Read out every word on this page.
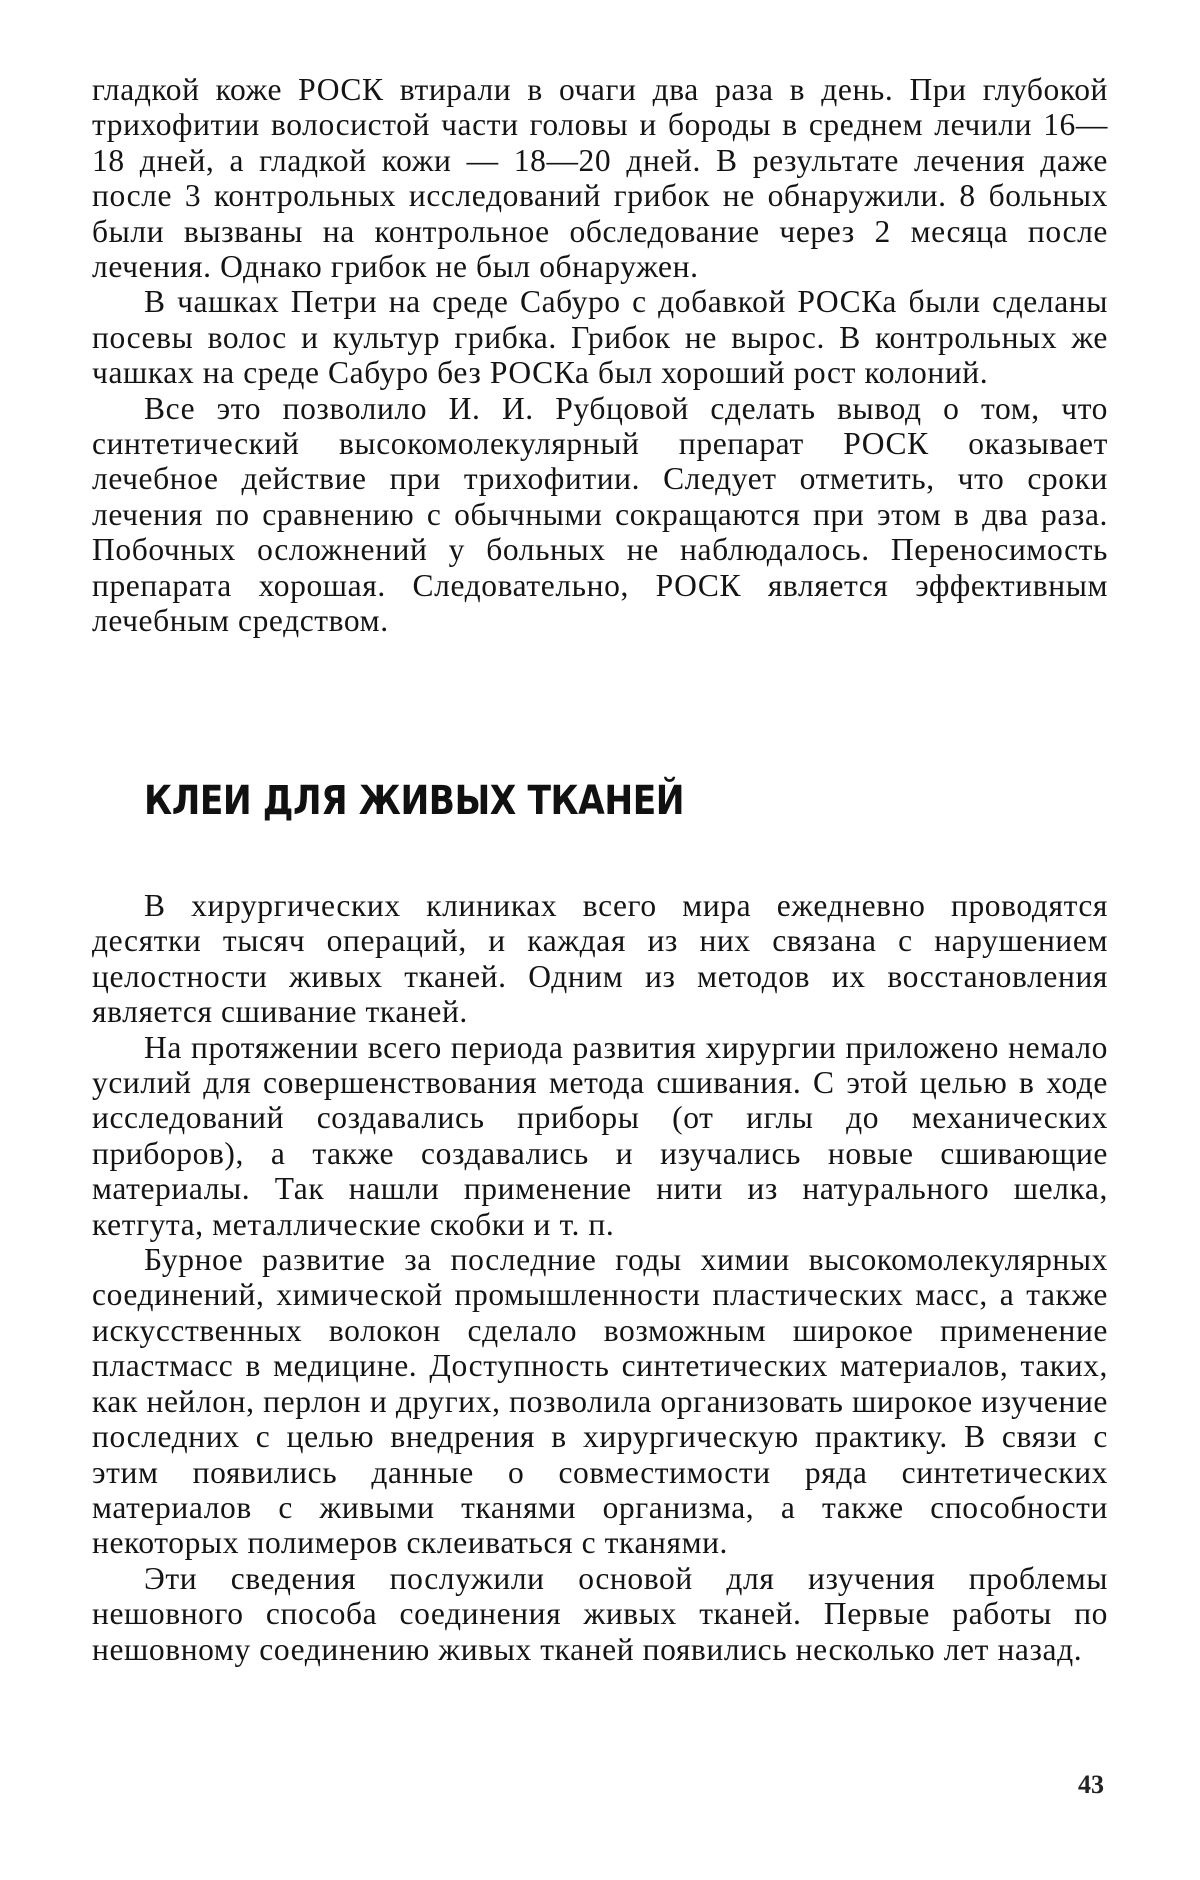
гладкой коже РОСК втирали в очаги два раза в день. При глубокой трихофитии волосистой части головы и бороды в среднем лечили 16—18 дней, а гладкой кожи — 18—20 дней. В результате лечения даже после 3 контрольных исследований грибок не обнаружили. 8 больных были вызваны на контрольное обследование через 2 месяца после лечения. Однако грибок не был обнаружен.

В чашках Петри на среде Сабуро с добавкой РОСКа были сделаны посевы волос и культур грибка. Грибок не вырос. В контрольных же чашках на среде Сабуро без РОСКа был хороший рост колоний.

Все это позволило И. И. Рубцовой сделать вывод о том, что синтетический высокомолекулярный препарат РОСК оказывает лечебное действие при трихофитии. Следует отметить, что сроки лечения по сравнению с обычными сокращаются при этом в два раза. Побочных осложнений у больных не наблюдалось. Переносимость препарата хорошая. Следовательно, РОСК является эффективным лечебным средством.

КЛЕИ ДЛЯ ЖИВЫХ ТКАНЕЙ

В хирургических клиниках всего мира ежедневно проводятся десятки тысяч операций, и каждая из них связана с нарушением целостности живых тканей. Одним из методов их восстановления является сшивание тканей.

На протяжении всего периода развития хирургии приложено немало усилий для совершенствования метода сшивания. С этой целью в ходе исследований создавались приборы (от иглы до механических приборов), а также создавались и изучались новые сшивающие материалы. Так нашли применение нити из натурального шелка, кетгута, металлические скобки и т. п.

Бурное развитие за последние годы химии высокомолекулярных соединений, химической промышленности пластических масс, а также искусственных волокон сделало возможным широкое применение пластмасс в медицине. Доступность синтетических материалов, таких, как нейлон, перлон и других, позволила организовать широкое изучение последних с целью внедрения в хирургическую практику. В связи с этим появились данные о совместимости ряда синтетических материалов с живыми тканями организма, а также способности некоторых полимеров склеиваться с тканями.

Эти сведения послужили основой для изучения проблемы нешовного способа соединения живых тканей. Первые работы по нешовному соединению живых тканей появились несколько лет назад.

43
